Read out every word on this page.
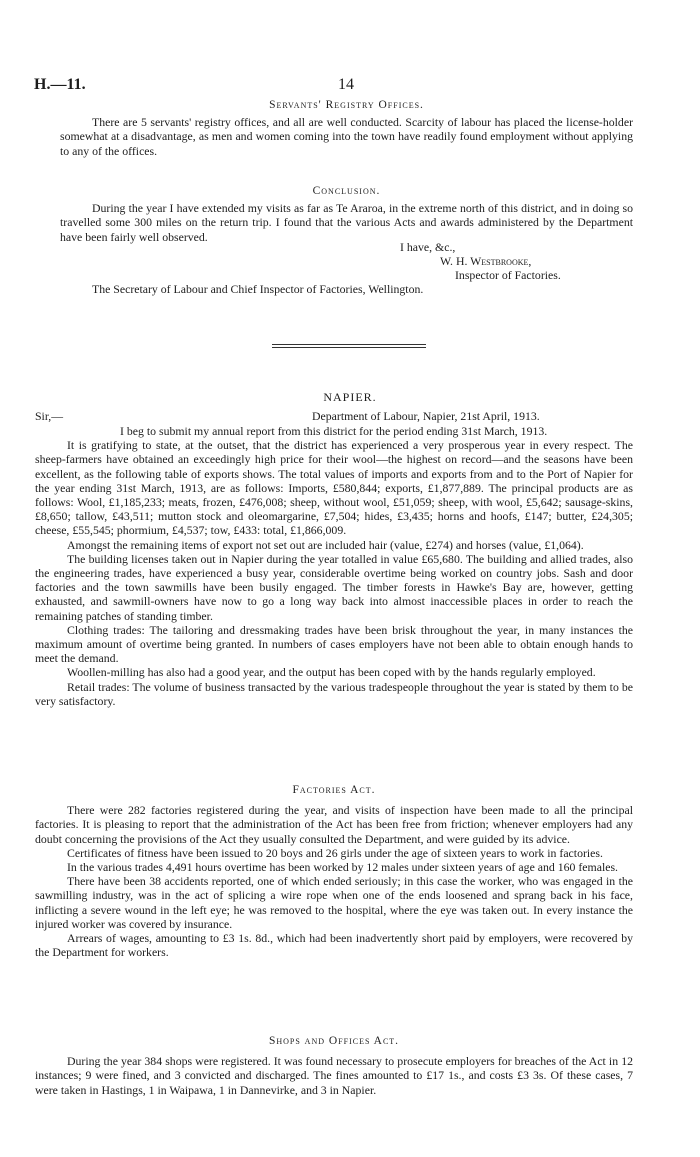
H.—11.	14
Servants' Registry Offices.

There are 5 servants' registry offices, and all are well conducted. Scarcity of labour has placed the license-holder somewhat at a disadvantage, as men and women coming into the town have readily found employment without applying to any of the offices.

Conclusion.

During the year I have extended my visits as far as Te Araroa, in the extreme north of this district, and in doing so travelled some 300 miles on the return trip. I found that the various Acts and awards administered by the Department have been fairly well observed.

I have, &c.,
W. H. Westbrooke,
Inspector of Factories.
The Secretary of Labour and Chief Inspector of Factories, Wellington.
NAPIER.
Sir,—	Department of Labour, Napier, 21st April, 1913.

I beg to submit my annual report from this district for the period ending 31st March, 1913.

It is gratifying to state, at the outset, that the district has experienced a very prosperous year in every respect. The sheep-farmers have obtained an exceedingly high price for their wool—the highest on record—and the seasons have been excellent, as the following table of exports shows. The total values of imports and exports from and to the Port of Napier for the year ending 31st March, 1913, are as follows: Imports, £580,844; exports, £1,877,889. The principal products are as follows: Wool, £1,185,233; meats, frozen, £476,008; sheep, without wool, £51,059; sheep, with wool, £5,642; sausage-skins, £8,650; tallow, £43,511; mutton stock and oleomargarine, £7,504; hides, £3,435; horns and hoofs, £147; butter, £24,305; cheese, £55,545; phormium, £4,537; tow, £433: total, £1,866,009.

Amongst the remaining items of export not set out are included hair (value, £274) and horses (value, £1,064).

The building licenses taken out in Napier during the year totalled in value £65,680. The building and allied trades, also the engineering trades, have experienced a busy year, considerable overtime being worked on country jobs. Sash and door factories and the town sawmills have been busily engaged. The timber forests in Hawke's Bay are, however, getting exhausted, and sawmill-owners have now to go a long way back into almost inaccessible places in order to reach the remaining patches of standing timber.

Clothing trades: The tailoring and dressmaking trades have been brisk throughout the year, in many instances the maximum amount of overtime being granted. In numbers of cases employers have not been able to obtain enough hands to meet the demand.

Woollen-milling has also had a good year, and the output has been coped with by the hands regularly employed.

Retail trades: The volume of business transacted by the various tradespeople throughout the year is stated by them to be very satisfactory.

Factories Act.

There were 282 factories registered during the year, and visits of inspection have been made to all the principal factories. It is pleasing to report that the administration of the Act has been free from friction; whenever employers had any doubt concerning the provisions of the Act they usually consulted the Department, and were guided by its advice.

Certificates of fitness have been issued to 20 boys and 26 girls under the age of sixteen years to work in factories.

In the various trades 4,491 hours overtime has been worked by 12 males under sixteen years of age and 160 females.

There have been 38 accidents reported, one of which ended seriously; in this case the worker, who was engaged in the sawmilling industry, was in the act of splicing a wire rope when one of the ends loosened and sprang back in his face, inflicting a severe wound in the left eye; he was removed to the hospital, where the eye was taken out. In every instance the injured worker was covered by insurance.

Arrears of wages, amounting to £3 1s. 8d., which had been inadvertently short paid by employers, were recovered by the Department for workers.

Shops and Offices Act.

During the year 384 shops were registered. It was found necessary to prosecute employers for breaches of the Act in 12 instances; 9 were fined, and 3 convicted and discharged. The fines amounted to £17 1s., and costs £3 3s. Of these cases, 7 were taken in Hastings, 1 in Waipawa, 1 in Dannevirke, and 3 in Napier.
